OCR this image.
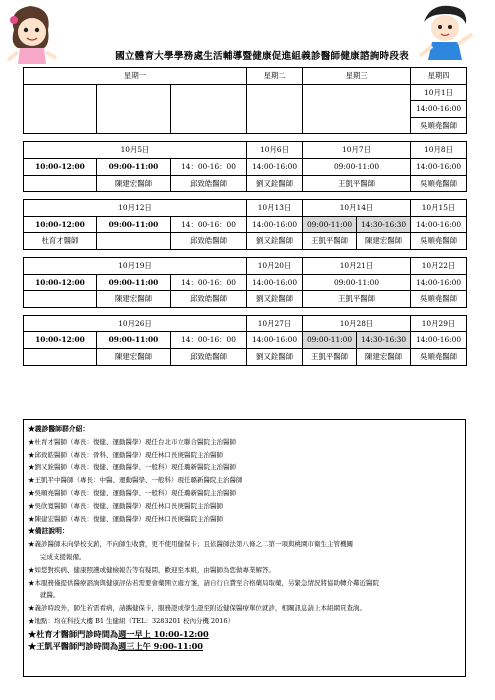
國立體育大學學務處生活輔導暨健康促進組義診醫師健康諮詢時段表
星期一			星期二	星期三		星期四
						10月1日
						14:00-16:00
						吳順堯醫師

10月5日			10月6日	10月7日		10月8日
10:00-12:00	09:00-11:00	14：00-16：00	14:00-16:00	09:00-11:00		14:00-16:00
	陳建宏醫師	邱致皓醫師	劉又銓醫師	王凱平醫師		吳順堯醫師

10月12日			10月13日	10月14日		10月15日
10:00-12:00	09:00-11:00	14：00-16：00	14:00-16:00	09:00-11:00	14:30-16:30	14:00-16:00
杜育才醫師		邱致皓醫師	劉又銓醫師	王凱平醫師	陳建宏醫師	吳順堯醫師

10月19日			10月20日	10月21日		10月22日
10:00-12:00	09:00-11:00	14：00-16：00	14:00-16:00	09:00-11:00		14:00-16:00
	陳建宏醫師	邱致皓醫師	劉又銓醫師	王凱平醫師		吳順堯醫師

10月26日			10月27日	10月28日		10月29日
10:00-12:00	09:00-11:00	14：00-16：00	14:00-16:00	09:00-11:00	14:30-16:30	14:00-16:00
	陳建宏醫師	邱致皓醫師	劉又銓醫師	王凱平醫師	陳建宏醫師	吳順堯醫師
★義診醫師群介紹：
★杜育才醫師（專長：復健、運動醫學）現任台北市立聯合醫院主治醫師
★邱致皓醫師（專長：骨科、運動醫學）現任林口長庚醫院主治醫師
★劉又銓醫師（專長：復健、運動醫學、一般科）現任璐新醫院主治醫師
★王凱平中醫師（專長：中醫、運動醫學、一般科）現任璐新醫院主治醫師
★吳順堯醫師（專長：復健、運動醫學、一般科）現任璐新醫院主治醫師
★吳欣寬醫師（專長：復健、運動醫學）現任林口長庚醫院主治醫師
★陳建宏醫師（專長：復健、運動醫學）現任林口長庚醫院主治醫師
★備註說明：
★義診醫師未向學校支薪，不向師生收費，更不使用健保卡；且依醫師法第八條之二第一項與桃園市衛生主管機關
完成支援報備。
★如您對疾病、健康照護或健檢報告等有疑問，歡迎至本組，由醫師為您做專業解答。
★本服務僅提供醫療諮詢與健康評估若需要會藥開立處方箋，請自行自費至合格藥局取藥，另緊急情況將協助轉介鄰近醫院
就醫。
★義診時段外，師生若需看病，請攜健保卡，服務證或學生證至附近健保醫療單位就診，相關訊息請上本組網頁查詢。
★地點：均在科技大樓 B1 生健組（TEL：3283201 校內分機 2016）
★杜育才醫師門診時間為週一早上 10:00-12:00
★王凱平醫師門診時間為週三上午 9:00-11:00
